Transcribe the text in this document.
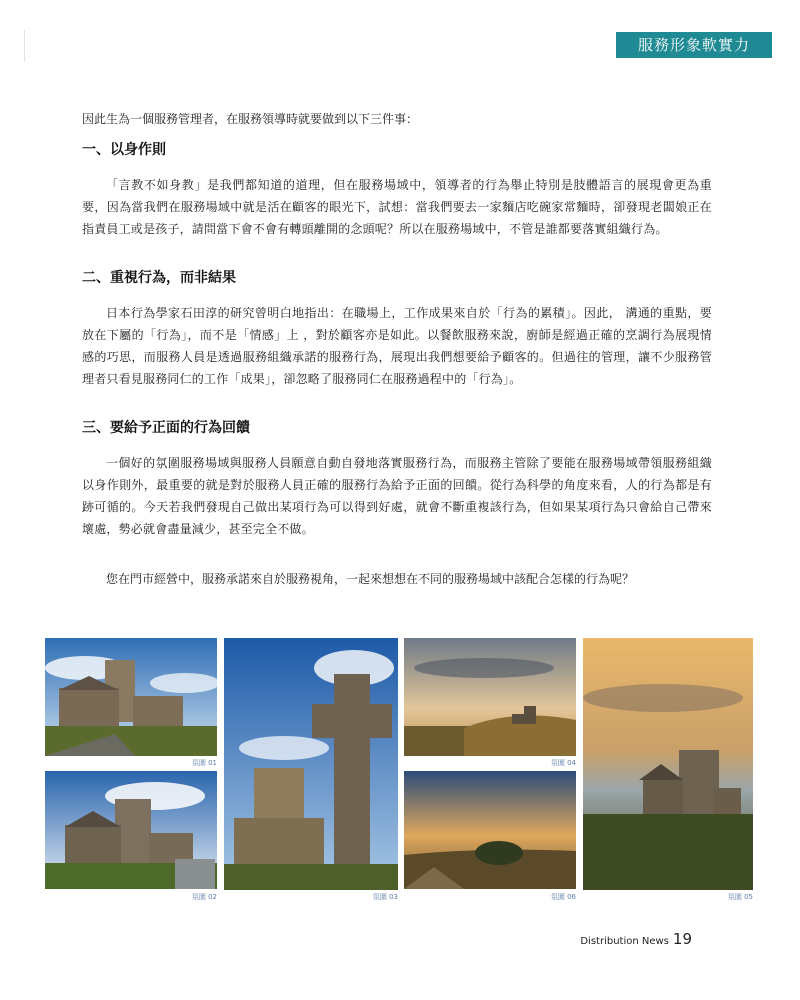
服務形象軟實力

因此生為一個服務管理者，在服務領導時就要做到以下三件事：

一、以身作則

「言教不如身教」是我們都知道的道理，但在服務場域中，領導者的行為舉止特別是肢體語言的展現會更為重要，因為當我們在服務場域中就是活在顧客的眼光下，試想：當我們要去一家麵店吃碗家常麵時，卻發現老闆娘正在指責員工或是孩子，請問當下會不會有轉頭離開的念頭呢？所以在服務場域中，不管是誰都要落實組織行為。

二、重視行為，而非結果

日本行為學家石田淳的研究曾明白地指出：在職場上，工作成果來自於「行為的累積」。因此， 溝通的重點，要放在下屬的「行為」，而不是「情感」上 ，對於顧客亦是如此。以餐飲服務來說，廚師是經過正確的烹調行為展現情感的巧思，而服務人員是透過服務組織承諾的服務行為，展現出我們想要給予顧客的。但過往的管理，讓不少服務管理者只看見服務同仁的工作「成果」，卻忽略了服務同仁在服務過程中的「行為」。

三、要給予正面的行為回饋

一個好的氛圍服務場域與服務人員願意自動自發地落實服務行為，而服務主管除了要能在服務場域帶領服務組織以身作則外，最重要的就是對於服務人員正確的服務行為給予正面的回饋。從行為科學的角度來看，人的行為都是有跡可循的。今天若我們發現自己做出某項行為可以得到好處，就會不斷重複該行為，但如果某項行為只會給自己帶來壞處，勢必就會盡量減少，甚至完全不做。

您在門市經營中，服務承諾來自於服務視角，一起來想想在不同的服務場域中該配合怎樣的行為呢？

氛圍 01
氛圍 02	氛圍 03
氛圍 04
氛圍 06	氛圍 05
Distribution News 19
